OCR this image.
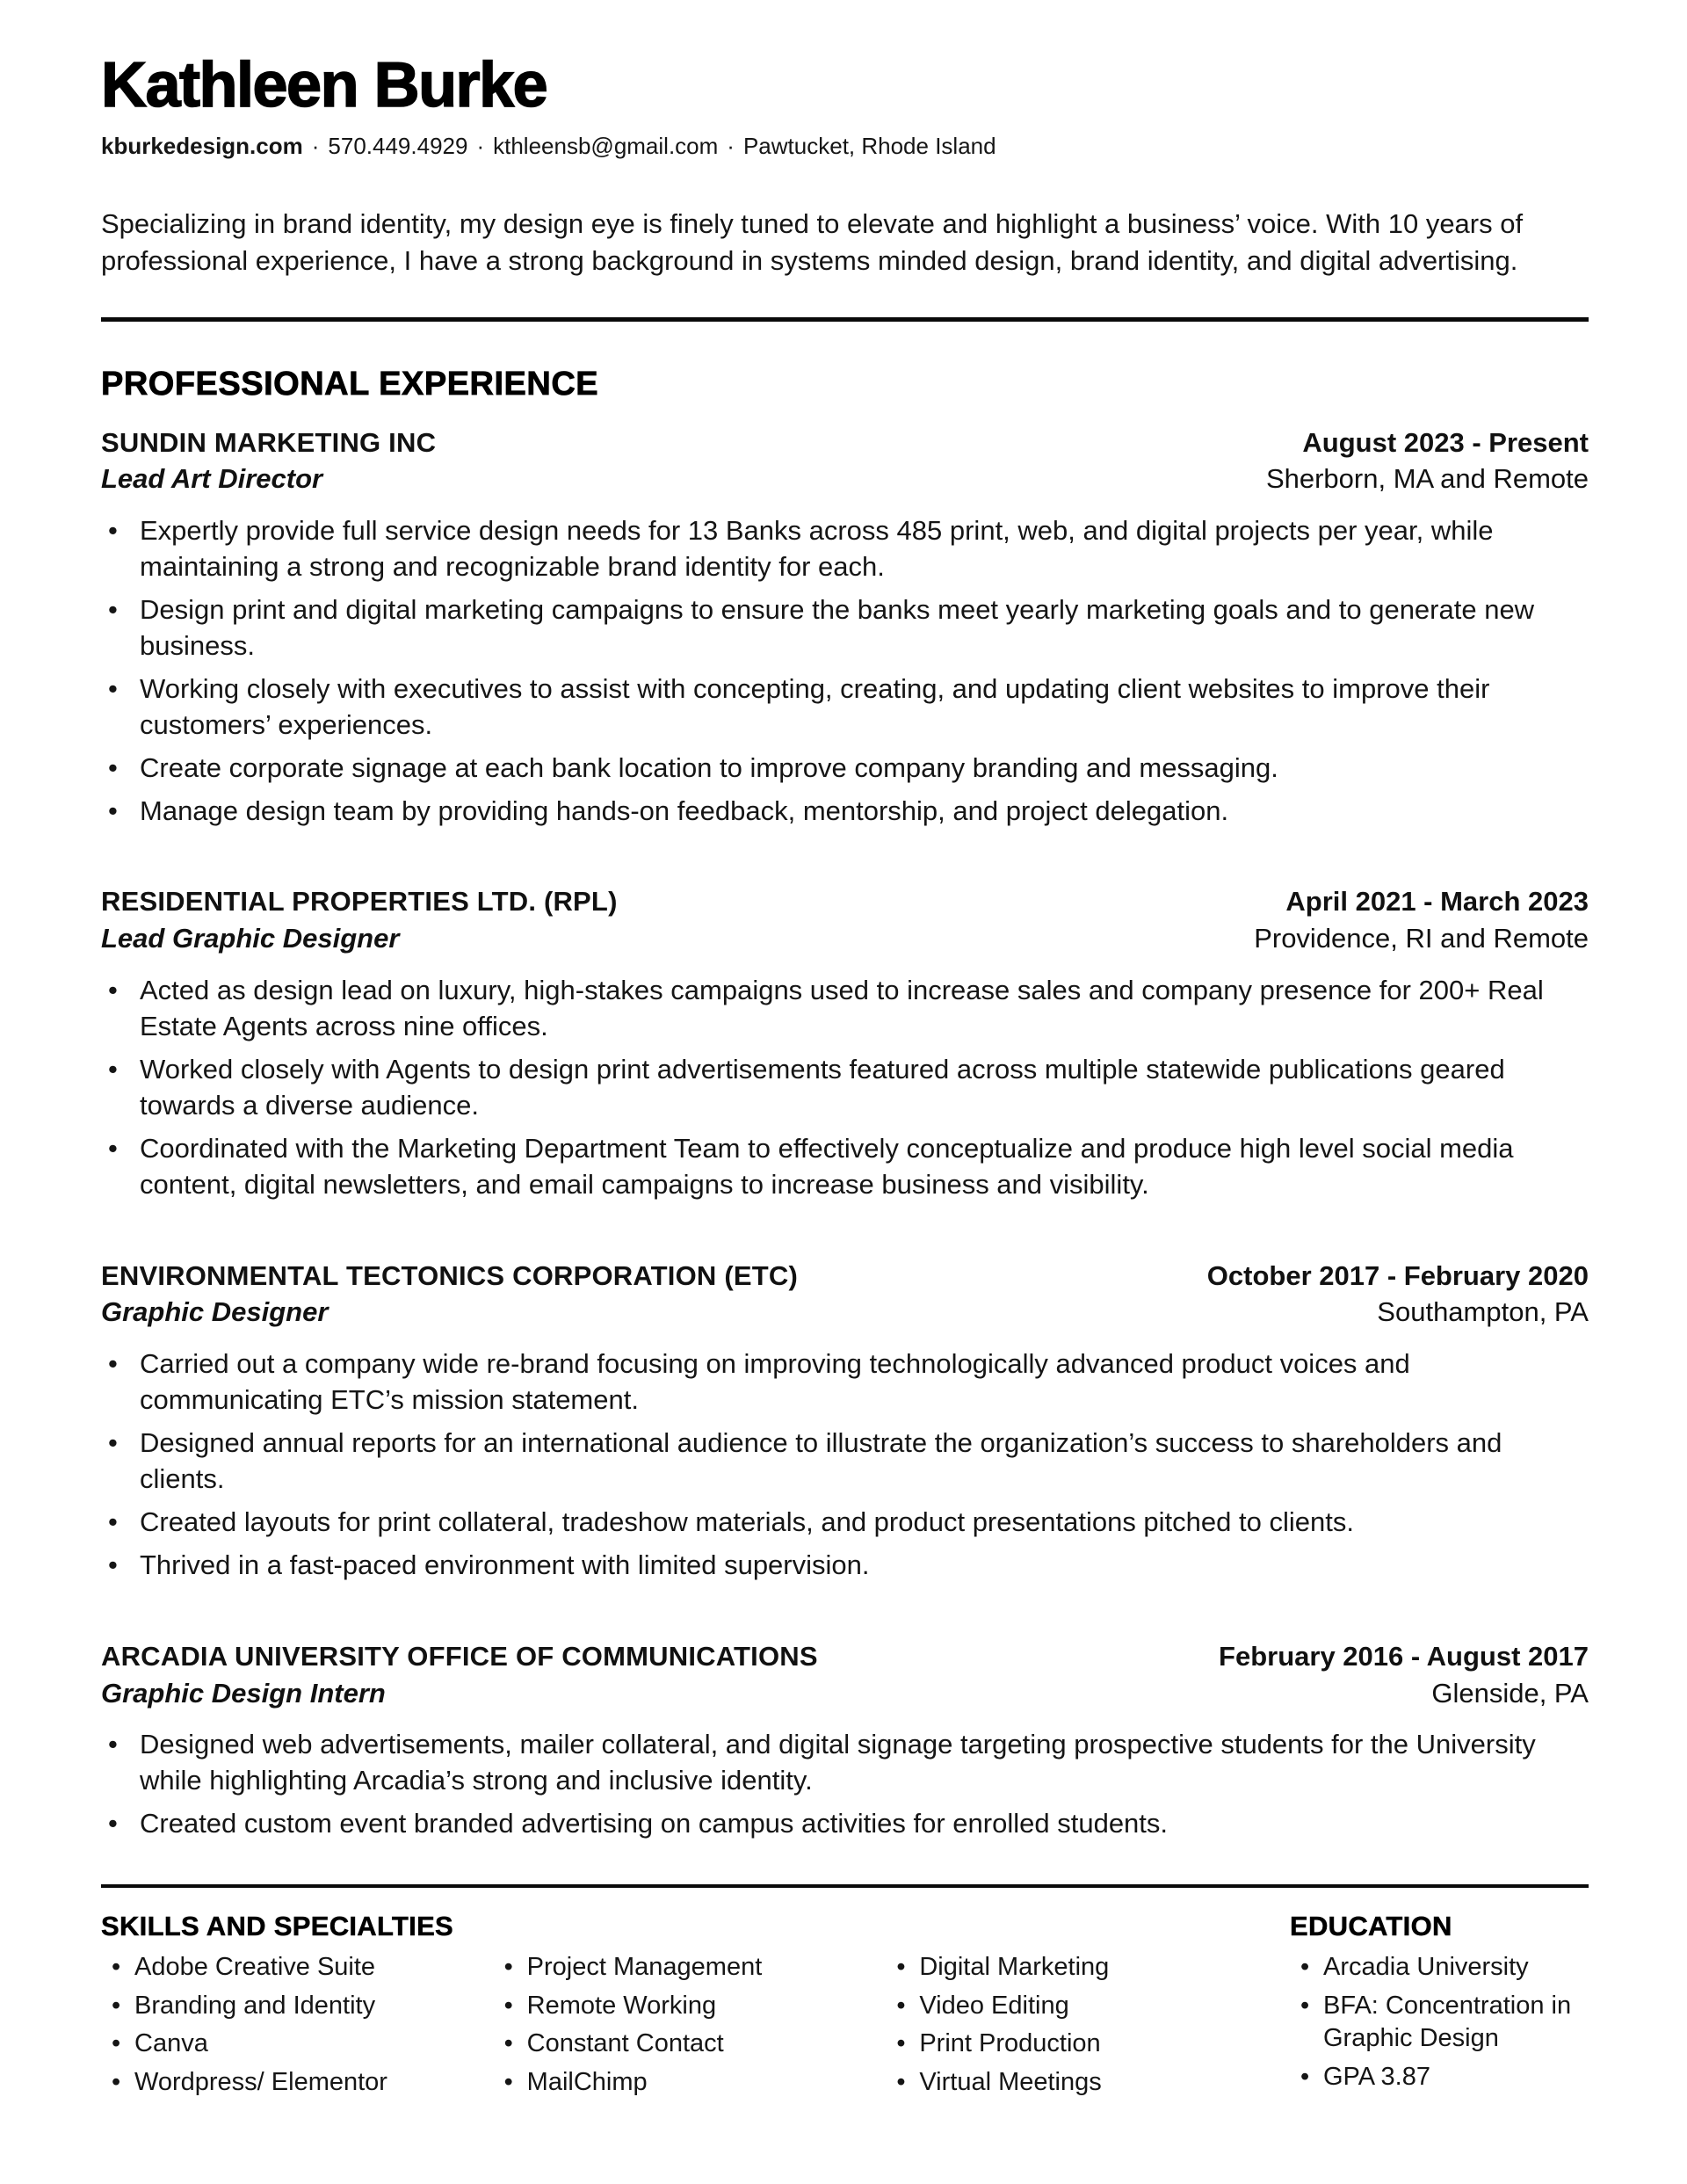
Kathleen Burke

kburkedesign.com · 570.449.4929 · kthleensb@gmail.com · Pawtucket, Rhode Island

Specializing in brand identity, my design eye is finely tuned to elevate and highlight a business’ voice. With 10 years of professional experience, I have a strong background in systems minded design, brand identity, and digital advertising.

PROFESSIONAL EXPERIENCE
SUNDIN MARKETING INC	August 2023 - Present
Lead Art Director	Sherborn, MA and Remote
• Expertly provide full service design needs for 13 Banks across 485 print, web, and digital projects per year, while maintaining a strong and recognizable brand identity for each.
• Design print and digital marketing campaigns to ensure the banks meet yearly marketing goals and to generate new business.
• Working closely with executives to assist with concepting, creating, and updating client websites to improve their customers’ experiences.
• Create corporate signage at each bank location to improve company branding and messaging.
• Manage design team by providing hands-on feedback, mentorship, and project delegation.
RESIDENTIAL PROPERTIES LTD. (RPL)	April 2021 - March 2023
Lead Graphic Designer	Providence, RI and Remote
• Acted as design lead on luxury, high-stakes campaigns used to increase sales and company presence for 200+ Real Estate Agents across nine offices.
• Worked closely with Agents to design print advertisements featured across multiple statewide publications geared towards a diverse audience.
• Coordinated with the Marketing Department Team to effectively conceptualize and produce high level social media content, digital newsletters, and email campaigns to increase business and visibility.
ENVIRONMENTAL TECTONICS CORPORATION (ETC)	October 2017 - February 2020
Graphic Designer	Southampton, PA
• Carried out a company wide re-brand focusing on improving technologically advanced product voices and communicating ETC’s mission statement.
• Designed annual reports for an international audience to illustrate the organization’s success to shareholders and clients.
• Created layouts for print collateral, tradeshow materials, and product presentations pitched to clients.
• Thrived in a fast-paced environment with limited supervision.
ARCADIA UNIVERSITY OFFICE OF COMMUNICATIONS	February 2016 - August 2017
Graphic Design Intern	Glenside, PA
• Designed web advertisements, mailer collateral, and digital signage targeting prospective students for the University while highlighting Arcadia’s strong and inclusive identity.
• Created custom event branded advertising on campus activities for enrolled students.
SKILLS AND SPECIALTIES
• Adobe Creative Suite
• Branding and Identity
• Canva
• Wordpress/ Elementor
• Project Management
• Remote Working
• Constant Contact
• MailChimp
• Digital Marketing
• Video Editing
• Print Production
• Virtual Meetings
EDUCATION
• Arcadia University
• BFA: Concentration in Graphic Design
• GPA 3.87
